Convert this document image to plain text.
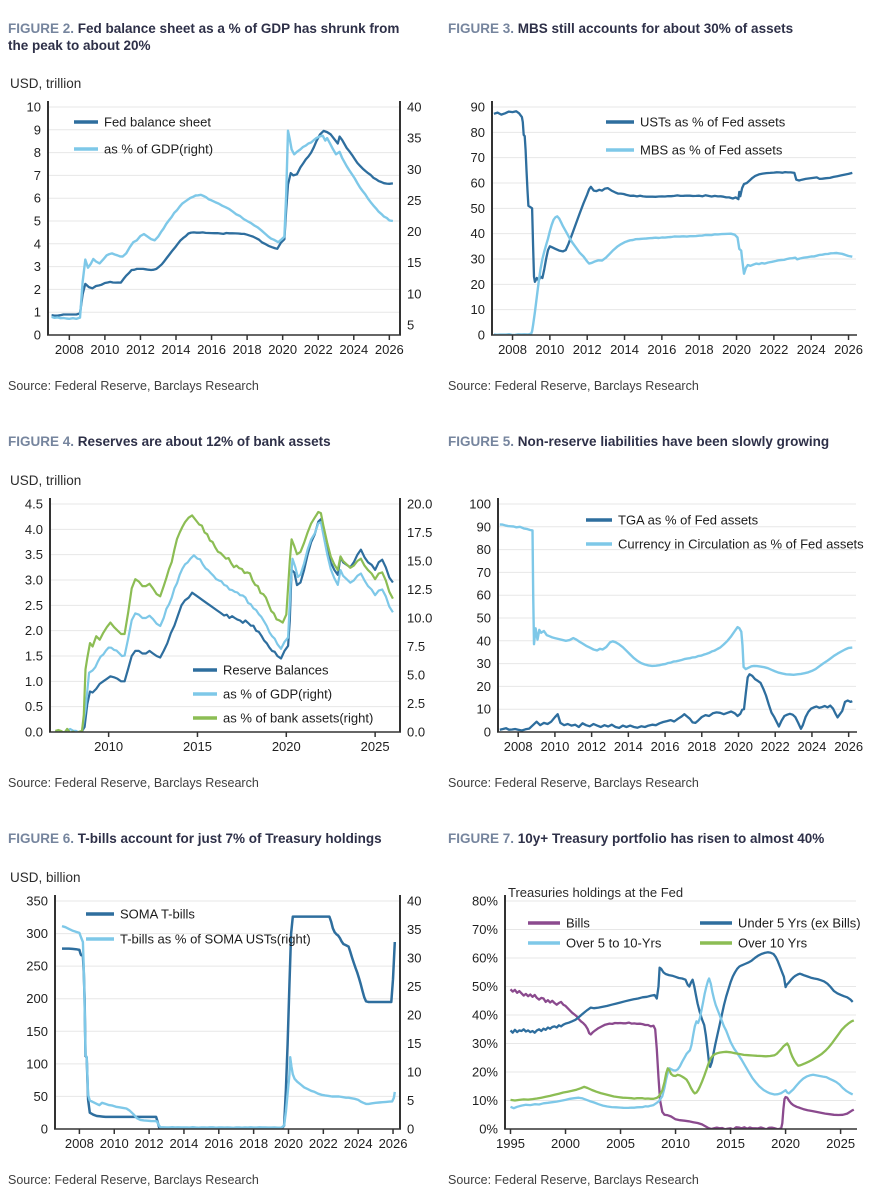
FIGURE 2. Fed balance sheet as a % of GDP has shrunk from the peak to about 20%
USD, trillion
0
1
2
3
4
5
6
7
8
9
10
5
10
15
20
25
30
35
40
2008 2010 2012 2014 2016 2018 2020 2022 2024 2026
Fed balance sheet
as % of GDP(right)
Source: Federal Reserve, Barclays Research
FIGURE 3. MBS still accounts for about 30% of assets
0
10
20
30
40
50
60
70
80
90
2008 2010 2012 2014 2016 2018 2020 2022 2024 2026
USTs as % of Fed assets
MBS as % of Fed assets
Source: Federal Reserve, Barclays Research
FIGURE 4. Reserves are about 12% of bank assets
USD, trillion
0.0
0.5
1.0
1.5
2.0
2.5
3.0
3.5
4.0
4.5
0.0
2.5
5.0
7.5
10.0
12.5
15.0
17.5
20.0
2010	2015	2020	2025
Reserve Balances
as % of GDP(right)
as % of bank assets(right)
Source: Federal Reserve, Barclays Research
FIGURE 5. Non-reserve liabilities have been slowly growing
0
10
20
30
40
50
60
70
80
90
100
2008 2010 2012 2014 2016 2018 2020 2022 2024 2026
TGA as % of Fed assets
Currency in Circulation as % of Fed assets
Source: Federal Reserve, Barclays Research
FIGURE 6. T-bills account for just 7% of Treasury holdings
USD, billion
0
50
100
150
200
250
300
350
0
5
10
15
20
25
30
35
40
2008 2010 2012 2014 2016 2018 2020 2022 2024 2026
SOMA T-bills
T-bills as % of SOMA USTs(right)
Source: Federal Reserve, Barclays Research
FIGURE 7. 10y+ Treasury portfolio has risen to almost 40%
0%
10%
20%
30%
40%
50%
60%
70%
80%
1995 2000 2005 2010 2015 2020 2025
Treasuries holdings at the Fed
Bills	Under 5 Yrs (ex Bills)
Over 5 to 10-Yrs	Over 10 Yrs
Source: Federal Reserve, Barclays Research
